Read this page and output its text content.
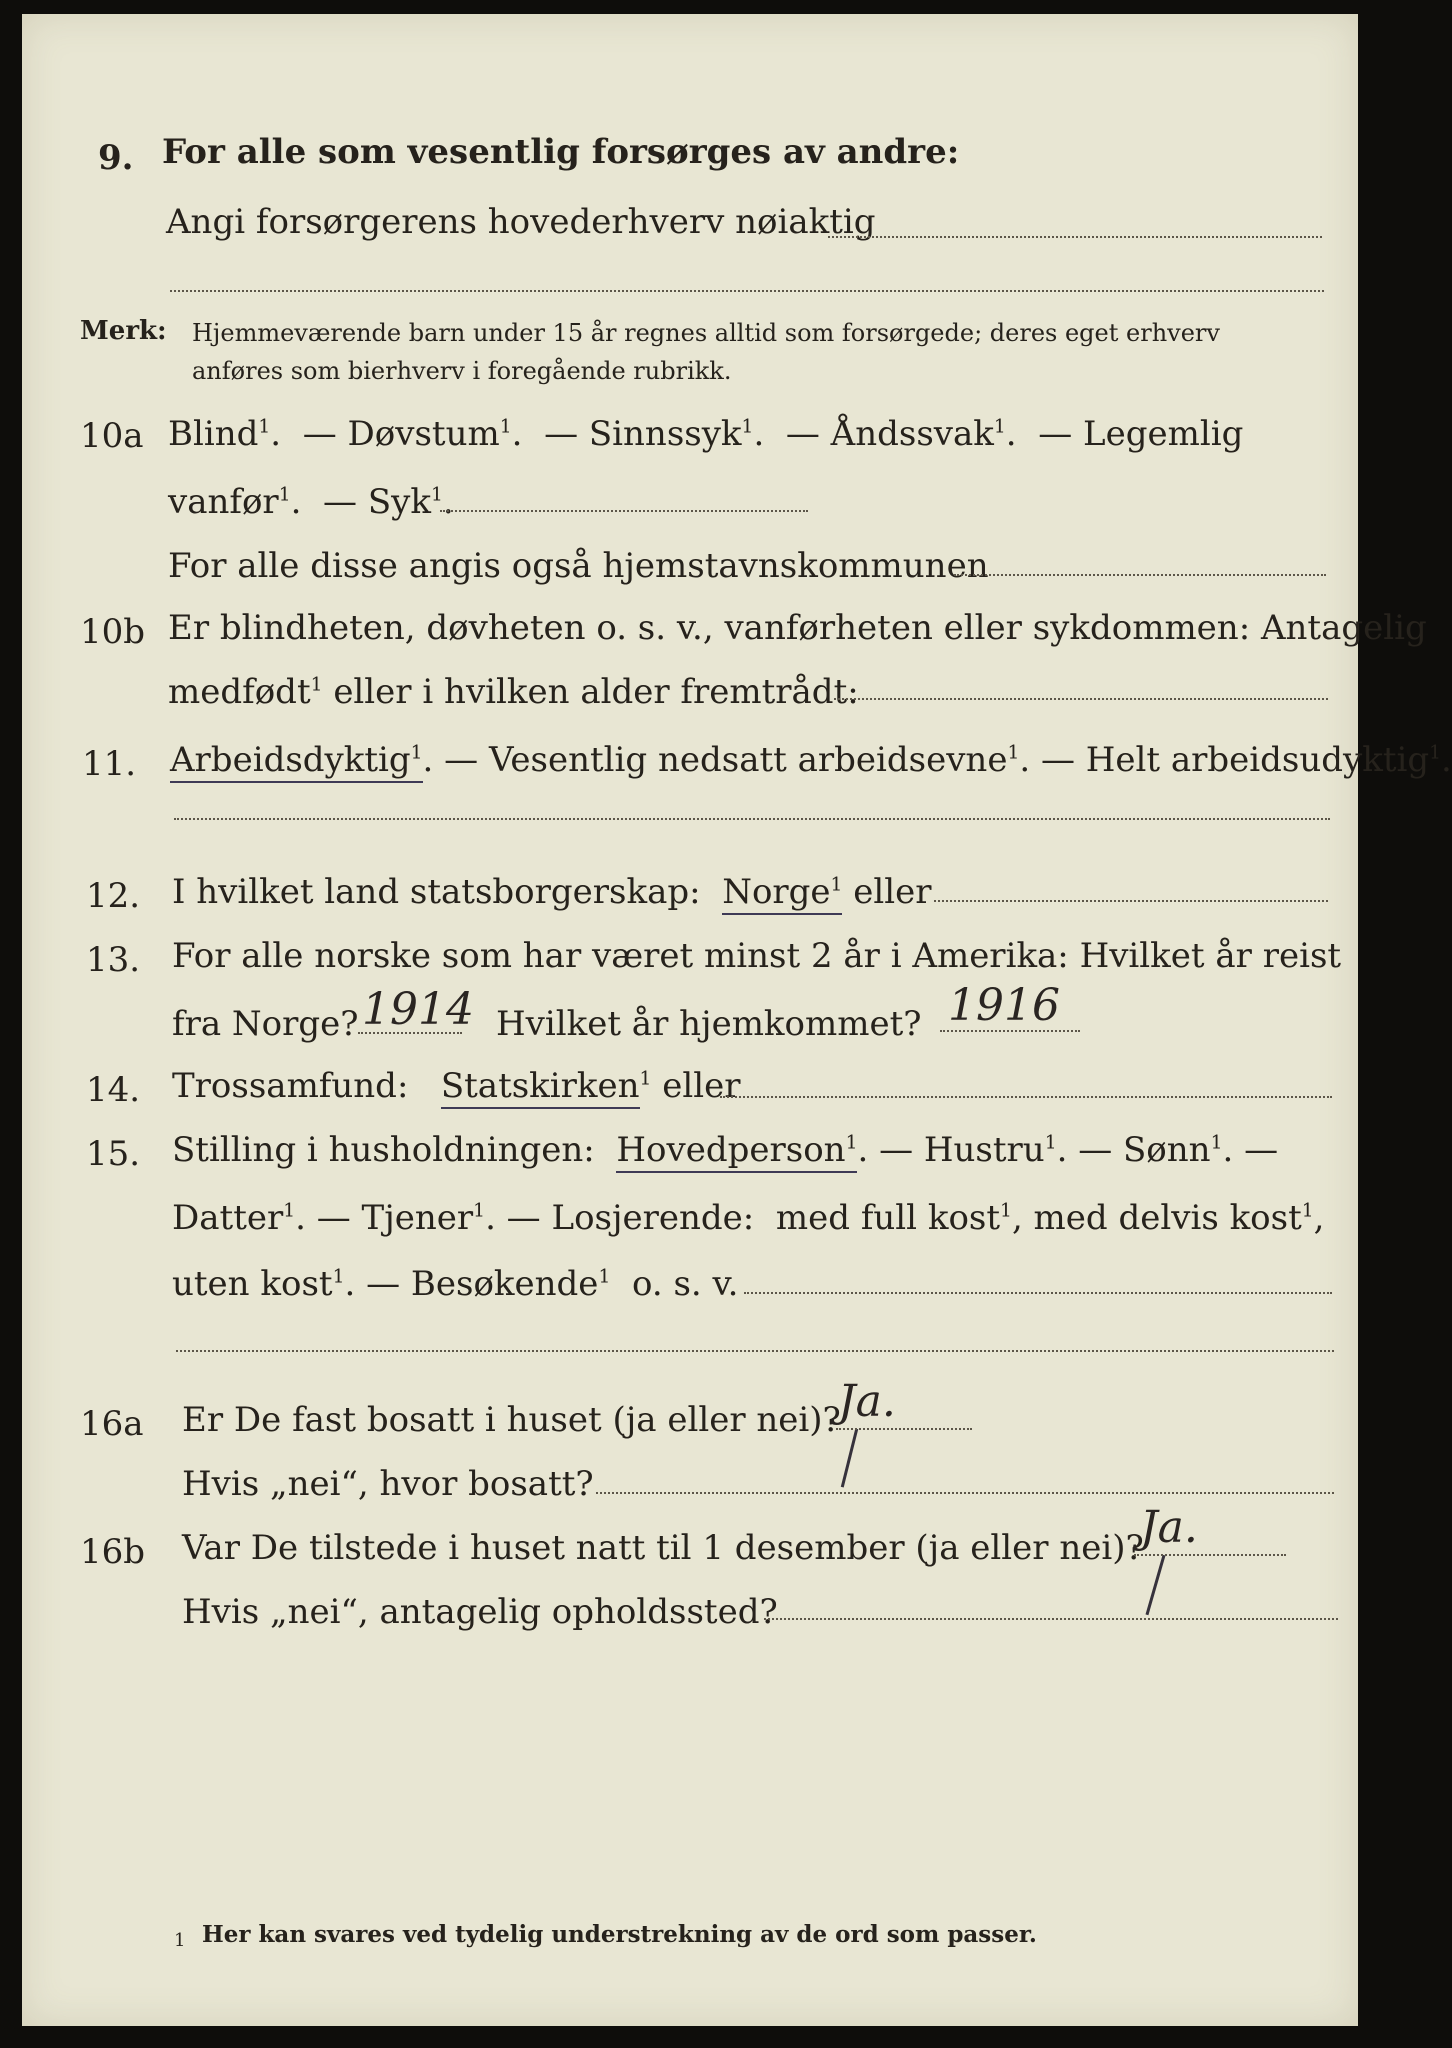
9. For alle som vesentlig forsørges av andre:
Angi forsørgerens hovederhverv nøiaktig
Merk: Hjemmeværende barn under 15 år regnes alltid som forsørgede; deres eget erhverv
anføres som bierhverv i foregående rubrikk.
10a Blind$^1$. — Døvstum$^1$. — Sinnssyk$^1$. — Åndssvak$^1$. — Legemlig
vanfør$^1$. — Syk$^1$.
For alle disse angis også hjemstavnskommunen
10b Er blindheten, døvheten o. s. v., vanførheten eller sykdommen: Antagelig
medfødt$^1$ eller i hvilken alder fremtrådt:
11. Arbeidsdyktig$^1$. — Vesentlig nedsatt arbeidsevne$^1$. — Helt arbeidsudyktig$^1$.
12. I hvilket land statsborgerskap: Norge$^1$ eller
13. For alle norske som har været minst 2 år i Amerika: Hvilket år reist
fra Norge? 1914 Hvilket år hjemkommet? 1916
14. Trossamfund: Statskirken$^1$ eller
15. Stilling i husholdningen: Hovedperson$^1$. — Hustru$^1$. — Sønn$^1$. —
Datter$^1$. — Tjener$^1$. — Losjerende: med full kost$^1$, med delvis kost$^1$,
uten kost$^1$. — Besøkende$^1$ o. s. v.
16a Er De fast bosatt i huset (ja eller nei)?
Ja.
Hvis „nei“, hvor bosatt?
16b Var De tilstede i huset natt til 1 desember (ja eller nei)?
Ja.
Hvis „nei“, antagelig opholdssted?
1 Her kan svares ved tydelig understrekning av de ord som passer.
